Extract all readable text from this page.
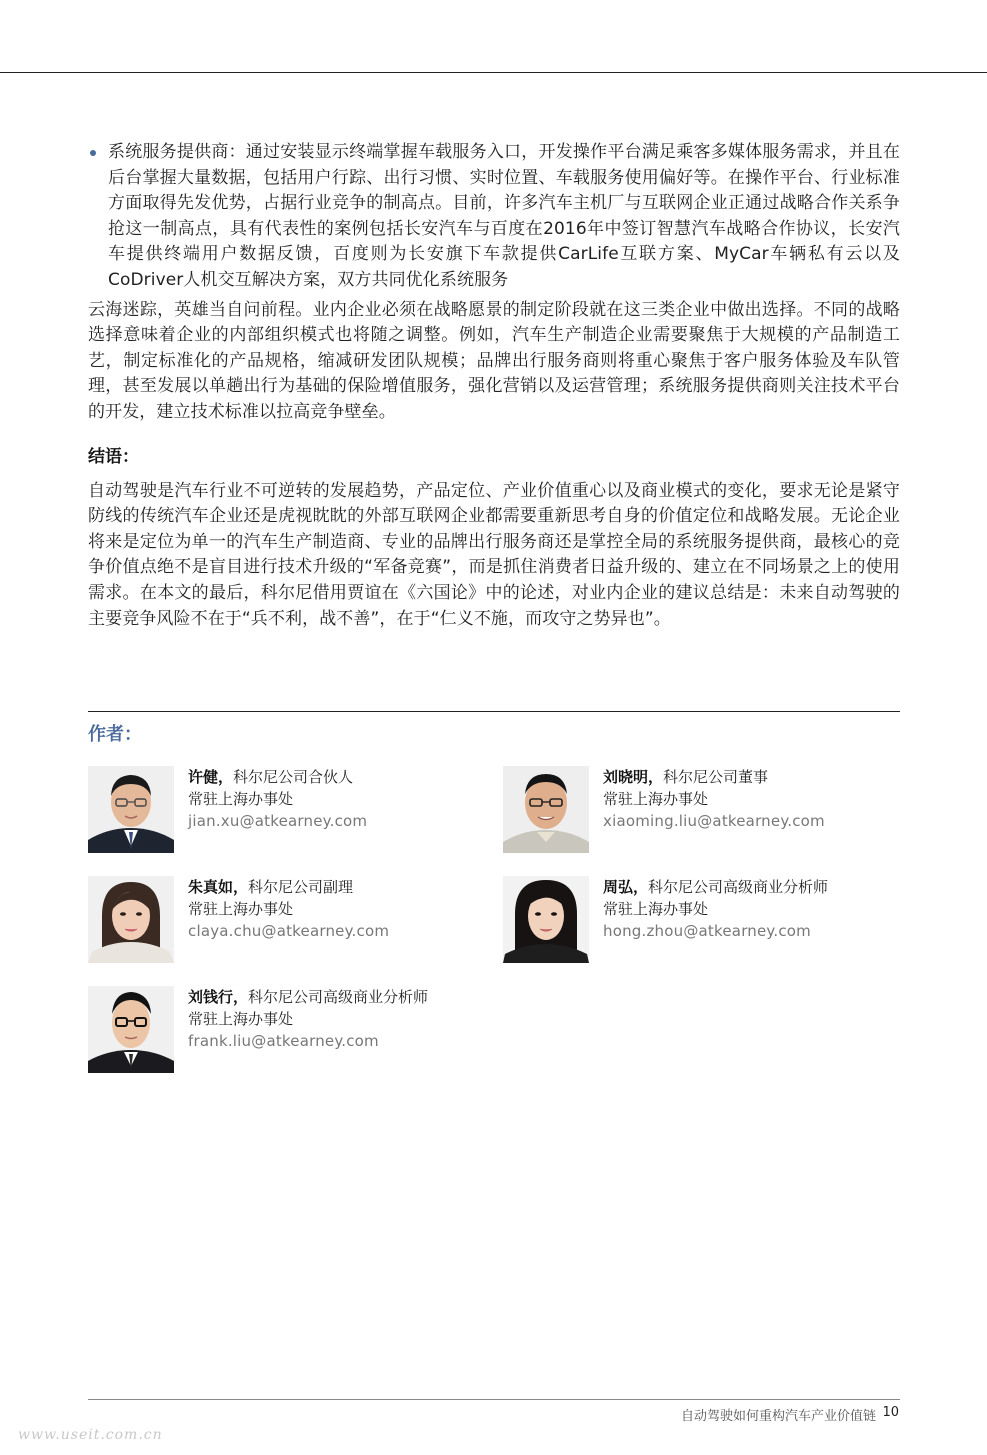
系统服务提供商：通过安装显示终端掌握车载服务入口，开发操作平台满足乘客多媒体服务需求，并且在后台掌握大量数据，包括用户行踪、出行习惯、实时位置、车载服务使用偏好等。在操作平台、行业标准方面取得先发优势，占据行业竞争的制高点。目前，许多汽车主机厂与互联网企业正通过战略合作关系争抢这一制高点，具有代表性的案例包括长安汽车与百度在2016年中签订智慧汽车战略合作协议，长安汽车提供终端用户数据反馈，百度则为长安旗下车款提供CarLife互联方案、MyCar车辆私有云以及CoDriver人机交互解决方案，双方共同优化系统服务

云海迷踪，英雄当自问前程。业内企业必须在战略愿景的制定阶段就在这三类企业中做出选择。不同的战略选择意味着企业的内部组织模式也将随之调整。例如，汽车生产制造企业需要聚焦于大规模的产品制造工艺，制定标准化的产品规格，缩减研发团队规模；品牌出行服务商则将重心聚焦于客户服务体验及车队管理，甚至发展以单趟出行为基础的保险增值服务，强化营销以及运营管理；系统服务提供商则关注技术平台的开发，建立技术标准以拉高竞争壁垒。

结语：

自动驾驶是汽车行业不可逆转的发展趋势，产品定位、产业价值重心以及商业模式的变化，要求无论是紧守防线的传统汽车企业还是虎视眈眈的外部互联网企业都需要重新思考自身的价值定位和战略发展。无论企业将来是定位为单一的汽车生产制造商、专业的品牌出行服务商还是掌控全局的系统服务提供商，最核心的竞争价值点绝不是盲目进行技术升级的“军备竞赛”，而是抓住消费者日益升级的、建立在不同场景之上的使用需求。在本文的最后，科尔尼借用贾谊在《六国论》中的论述，对业内企业的建议总结是：未来自动驾驶的主要竞争风险不在于“兵不利，战不善”，在于“仁义不施，而攻守之势异也”。

作者：
许健，科尔尼公司合伙人
常驻上海办事处
jian.xu@atkearney.com
刘晓明，科尔尼公司董事
常驻上海办事处
xiaoming.liu@atkearney.com
朱真如，科尔尼公司副理
常驻上海办事处
claya.chu@atkearney.com
周弘，科尔尼公司高级商业分析师
常驻上海办事处
hong.zhou@atkearney.com
刘钱行，科尔尼公司高级商业分析师
常驻上海办事处
frank.liu@atkearney.com
自动驾驶如何重构汽车产业价值链 10
www.useit.com.cn
